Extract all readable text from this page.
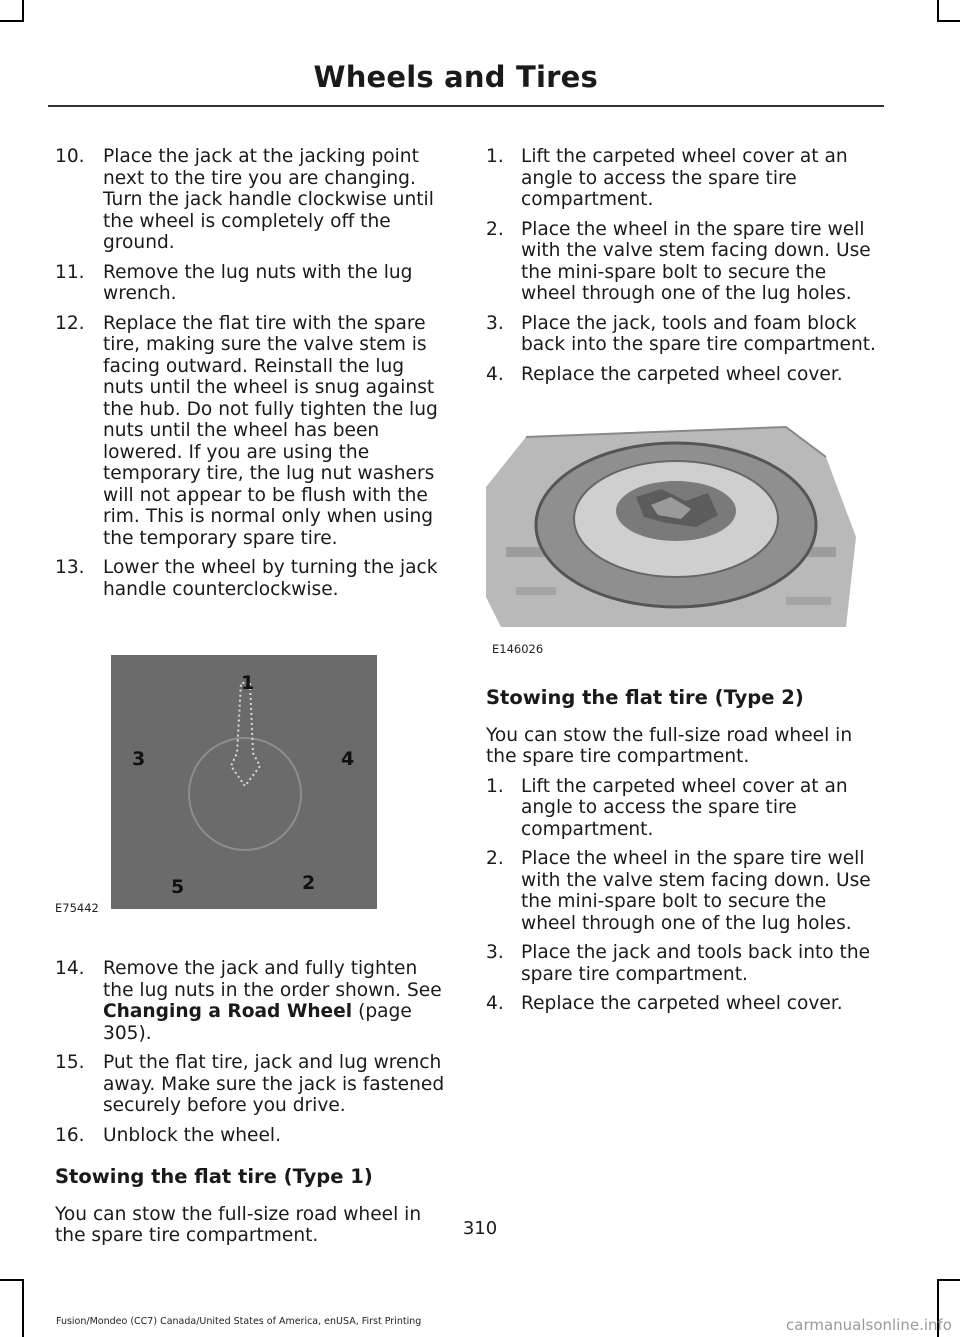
Wheels and Tires
10. Place the jack at the jacking point next to the tire you are changing. Turn the jack handle clockwise until the wheel is completely off the ground.
11. Remove the lug nuts with the lug wrench.
12. Replace the flat tire with the spare tire, making sure the valve stem is facing outward. Reinstall the lug nuts until the wheel is snug against the hub. Do not fully tighten the lug nuts until the wheel has been lowered. If you are using the temporary tire, the lug nut washers will not appear to be flush with the rim. This is normal only when using the temporary spare tire.
13. Lower the wheel by turning the jack handle counterclockwise.
1
2
3	4
5
E75442
14. Remove the jack and fully tighten the lug nuts in the order shown. See Changing a Road Wheel (page 305).
15. Put the flat tire, jack and lug wrench away. Make sure the jack is fastened securely before you drive.
16. Unblock the wheel.
Stowing the flat tire (Type 1)
You can stow the full-size road wheel in the spare tire compartment.
1. Lift the carpeted wheel cover at an angle to access the spare tire compartment.
2. Place the wheel in the spare tire well with the valve stem facing down. Use the mini-spare bolt to secure the wheel through one of the lug holes.
3. Place the jack, tools and foam block back into the spare tire compartment.
4. Replace the carpeted wheel cover.
E146026
Stowing the flat tire (Type 2)
You can stow the full-size road wheel in the spare tire compartment.
1. Lift the carpeted wheel cover at an angle to access the spare tire compartment.
2. Place the wheel in the spare tire well with the valve stem facing down. Use the mini-spare bolt to secure the wheel through one of the lug holes.
3. Place the jack and tools back into the spare tire compartment.
4. Replace the carpeted wheel cover.
310
Fusion/Mondeo (CC7) Canada/United States of America, enUSA, First Printing	carmanualsonline.info
